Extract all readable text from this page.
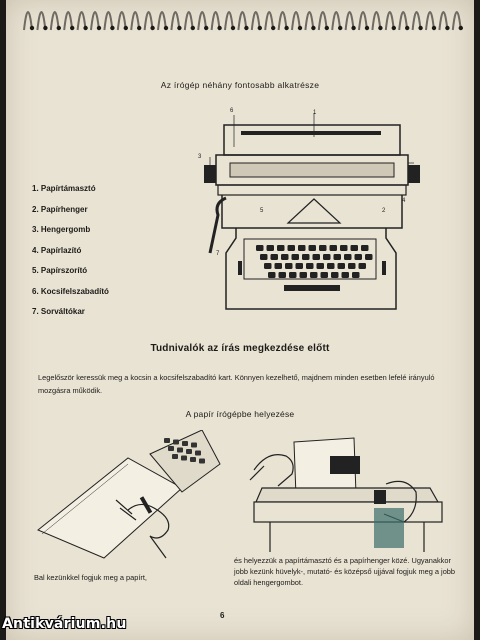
Az írógép néhány fontosabb alkatrésze
1
2
3
4
5
6
7
1. Papírtámasztó
2. Papírhenger
3. Hengergomb
4. Papírlazító
5. Papírszorító
6. Kocsifelszabadító
7. Sorváltókar
Tudnivalók az írás megkezdése előtt
Legelőször keressük meg a kocsin a kocsifelszabadító kart. Könnyen kezelhető, majdnem minden esetben lefelé irányuló mozgásra működik.
A papír írógépbe helyezése
Bal kezünkkel fogjuk meg a papírt,
és helyezzük a papírtámasztó és a papírhenger közé. Ugyanakkor jobb kezünk hüvelyk-, mutató- és középső ujjával fogjuk meg a jobb oldali hengergombot.
6
Antikvárium.hu
